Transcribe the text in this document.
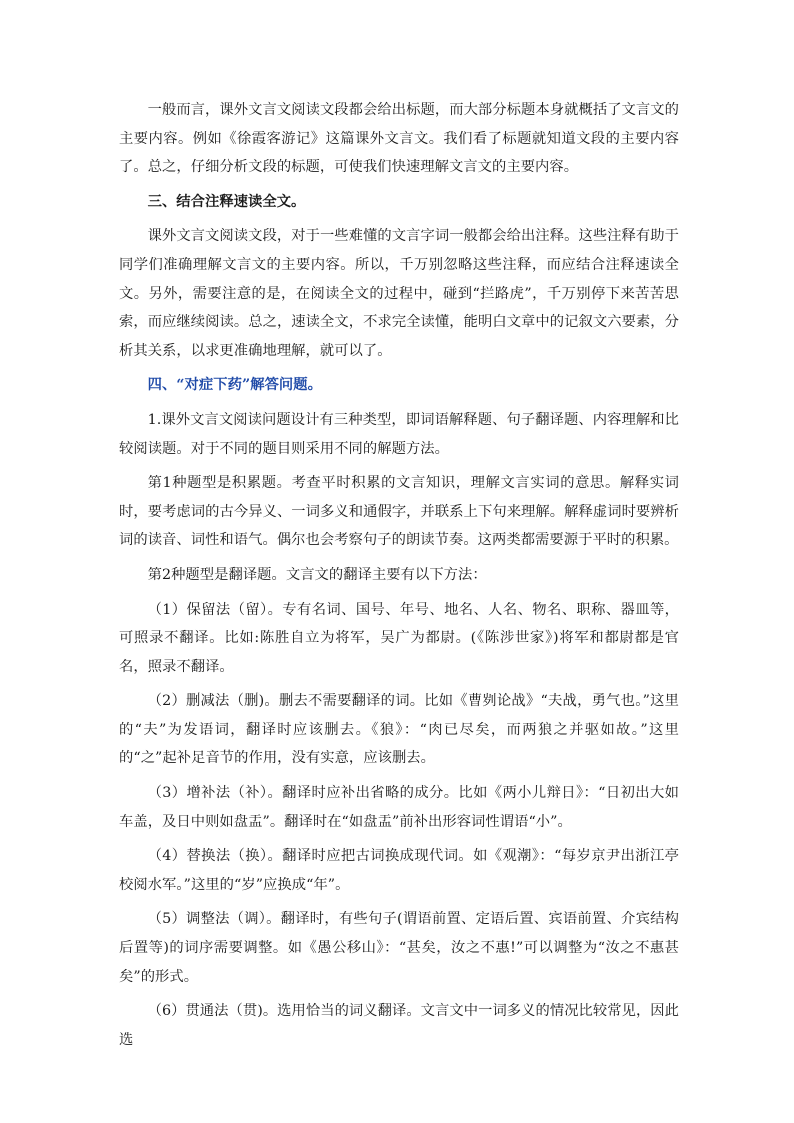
一般而言，课外文言文阅读文段都会给出标题，而大部分标题本身就概括了文言文的主要内容。例如《徐霞客游记》这篇课外文言文。我们看了标题就知道文段的主要内容了。总之，仔细分析文段的标题，可使我们快速理解文言文的主要内容。

三、结合注释速读全文。

课外文言文阅读文段，对于一些难懂的文言字词一般都会给出注释。这些注释有助于同学们准确理解文言文的主要内容。所以，千万别忽略这些注释，而应结合注释速读全文。另外，需要注意的是，在阅读全文的过程中，碰到“拦路虎”，千万别停下来苦苦思索，而应继续阅读。总之，速读全文，不求完全读懂，能明白文章中的记叙文六要素，分析其关系，以求更准确地理解，就可以了。

四、“对症下药”解答问题。

1.课外文言文阅读问题设计有三种类型，即词语解释题、句子翻译题、内容理解和比较阅读题。对于不同的题目则采用不同的解题方法。

第1种题型是积累题。考查平时积累的文言知识，理解文言实词的意思。解释实词时，要考虑词的古今异义、一词多义和通假字，并联系上下句来理解。解释虚词时要辨析词的读音、词性和语气。偶尔也会考察句子的朗读节奏。这两类都需要源于平时的积累。

第2种题型是翻译题。文言文的翻译主要有以下方法：

（1）保留法（留）。专有名词、国号、年号、地名、人名、物名、职称、器皿等，可照录不翻译。比如:陈胜自立为将军，吴广为都尉。(《陈涉世家》)将军和都尉都是官名，照录不翻译。

（2）删减法（删)。删去不需要翻译的词。比如《曹刿论战》“夫战，勇气也。”这里的“夫”为发语词，翻译时应该删去。《狼》：“肉已尽矣，而两狼之并驱如故。”这里的“之”起补足音节的作用，没有实意，应该删去。

（3）增补法（补）。翻译时应补出省略的成分。比如《两小儿辩日》：“日初出大如车盖，及日中则如盘盂”。翻译时在“如盘盂”前补出形容词性谓语“小”。

（4）替换法（换）。翻译时应把古词换成现代词。如《观潮》：“每岁京尹出浙江亭校阅水军。”这里的“岁”应换成“年”。

（5）调整法（调）。翻译时，有些句子(谓语前置、定语后置、宾语前置、介宾结构后置等)的词序需要调整。如《愚公移山》：“甚矣，汝之不惠!”可以调整为“汝之不惠甚矣”的形式。

（6）贯通法（贯)。选用恰当的词义翻译。文言文中一词多义的情况比较常见，因此选
